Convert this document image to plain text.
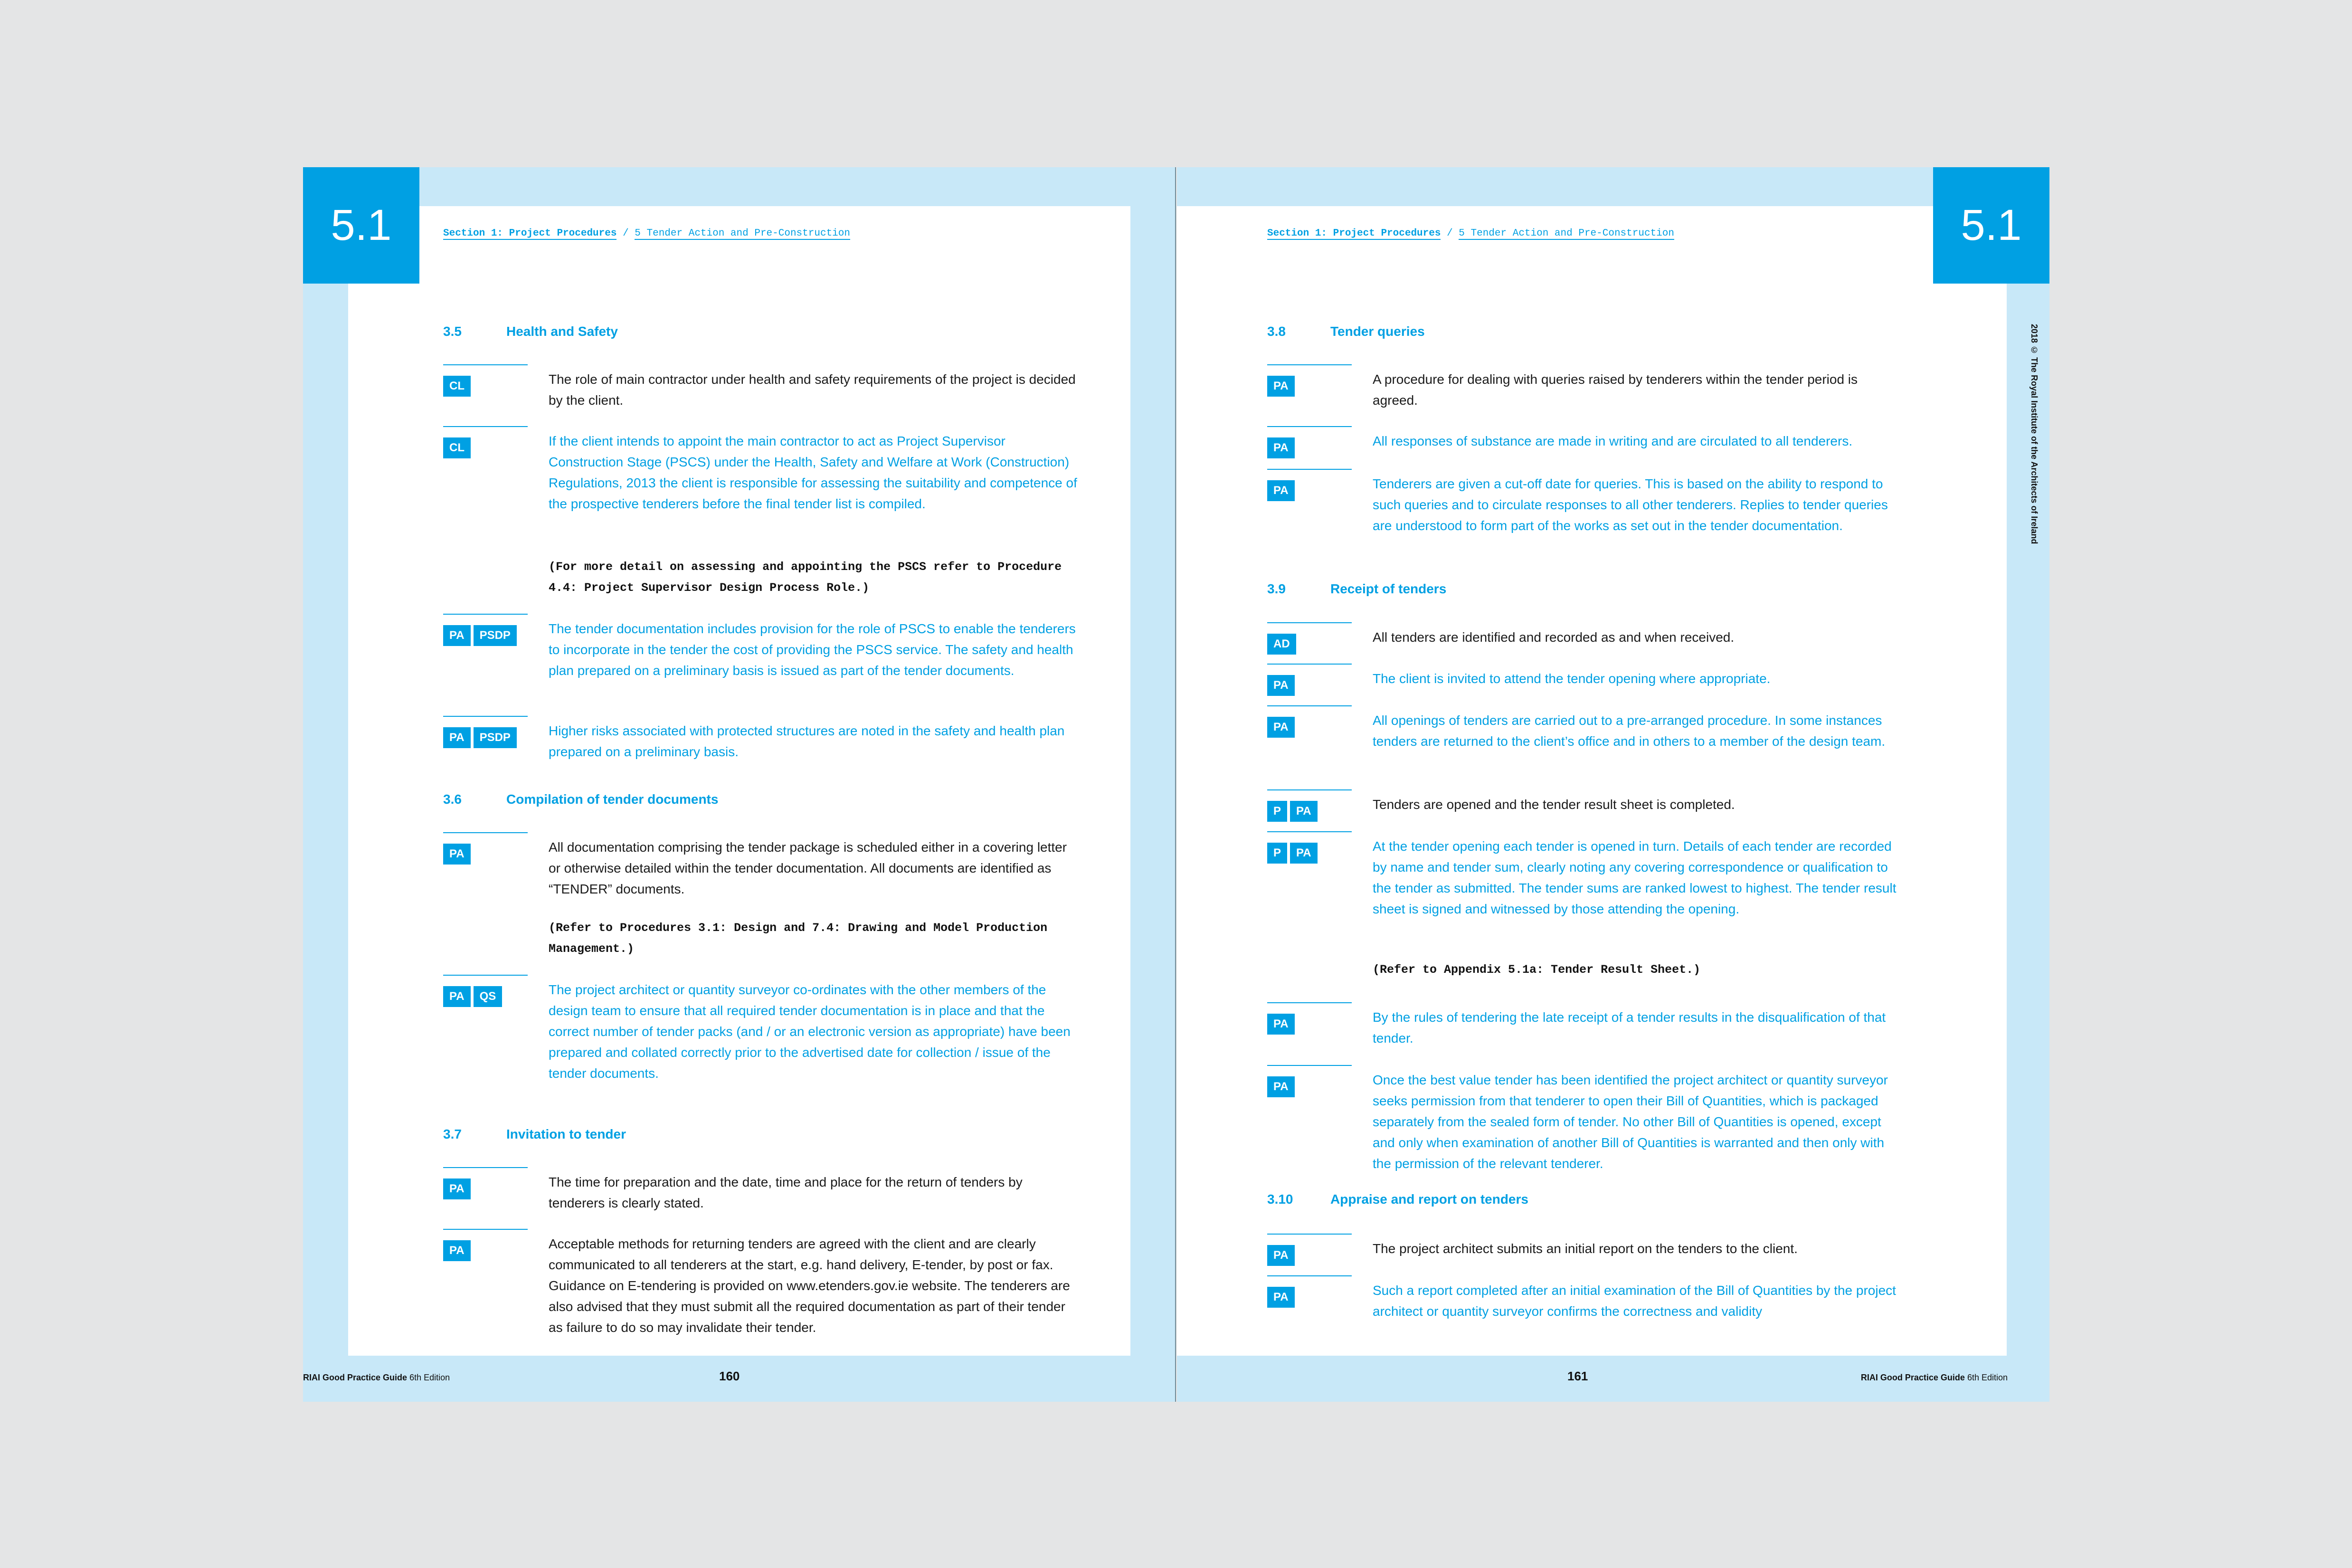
5.1	Section 1: Project Procedures / 5 Tender Action and Pre-Construction
3.5	Health and Safety
CL	The role of main contractor under health and safety requirements of the project is decided by the client.
CL	If the client intends to appoint the main contractor to act as Project Supervisor Construction Stage (PSCS) under the Health, Safety and Welfare at Work (Construction) Regulations, 2013 the client is responsible for assessing the suitability and competence of the prospective tenderers before the final tender list is compiled.
(For more detail on assessing and appointing the PSCS refer to Procedure 4.4: Project Supervisor Design Process Role.)
PA	PSDP	The tender documentation includes provision for the role of PSCS to enable the tenderers to incorporate in the tender the cost of providing the PSCS service. The safety and health plan prepared on a preliminary basis is issued as part of the tender documents.
PA	PSDP	Higher risks associated with protected structures are noted in the safety and health plan prepared on a preliminary basis.
3.6	Compilation of tender documents
PA	All documentation comprising the tender package is scheduled either in a covering letter or otherwise detailed within the tender documentation. All documents are identified as “TENDER” documents.
(Refer to Procedures 3.1: Design and 7.4: Drawing and Model Production Management.)
PA	QS	The project architect or quantity surveyor co-ordinates with the other members of the design team to ensure that all required tender documentation is in place and that the correct number of tender packs (and / or an electronic version as appropriate) have been prepared and collated correctly prior to the advertised date for collection / issue of the tender documents.
3.7	Invitation to tender
PA	The time for preparation and the date, time and place for the return of tenders by tenderers is clearly stated.
PA	Acceptable methods for returning tenders are agreed with the client and are clearly communicated to all tenderers at the start, e.g. hand delivery, E-tender, by post or fax. Guidance on E-tendering is provided on www.etenders.gov.ie website. The tenderers are also advised that they must submit all the required documentation as part of their tender as failure to do so may invalidate their tender.
RIAI Good Practice Guide 6th Edition	160
5.1
Section 1: Project Procedures / 5 Tender Action and Pre-Construction
2018 © The Royal Institute of the Architects of Ireland
3.8	Tender queries
PA	A procedure for dealing with queries raised by tenderers within the tender period is agreed.
PA	All responses of substance are made in writing and are circulated to all tenderers.
PA	Tenderers are given a cut-off date for queries. This is based on the ability to respond to such queries and to circulate responses to all other tenderers. Replies to tender queries are understood to form part of the works as set out in the tender documentation.
3.9	Receipt of tenders
AD	All tenders are identified and recorded as and when received.
PA	The client is invited to attend the tender opening where appropriate.
PA	All openings of tenders are carried out to a pre-arranged procedure. In some instances tenders are returned to the client’s office and in others to a member of the design team.
P	PA	Tenders are opened and the tender result sheet is completed.
P	PA	At the tender opening each tender is opened in turn. Details of each tender are recorded by name and tender sum, clearly noting any covering correspondence or qualification to the tender as submitted. The tender sums are ranked lowest to highest. The tender result sheet is signed and witnessed by those attending the opening.
(Refer to Appendix 5.1a: Tender Result Sheet.)
PA	By the rules of tendering the late receipt of a tender results in the disqualification of that tender.
PA	Once the best value tender has been identified the project architect or quantity surveyor seeks permission from that tenderer to open their Bill of Quantities, which is packaged separately from the sealed form of tender. No other Bill of Quantities is opened, except and only when examination of another Bill of Quantities is warranted and then only with the permission of the relevant tenderer.
3.10	Appraise and report on tenders
PA	The project architect submits an initial report on the tenders to the client.
PA	Such a report completed after an initial examination of the Bill of Quantities by the project architect or quantity surveyor confirms the correctness and validity
161	RIAI Good Practice Guide 6th Edition
